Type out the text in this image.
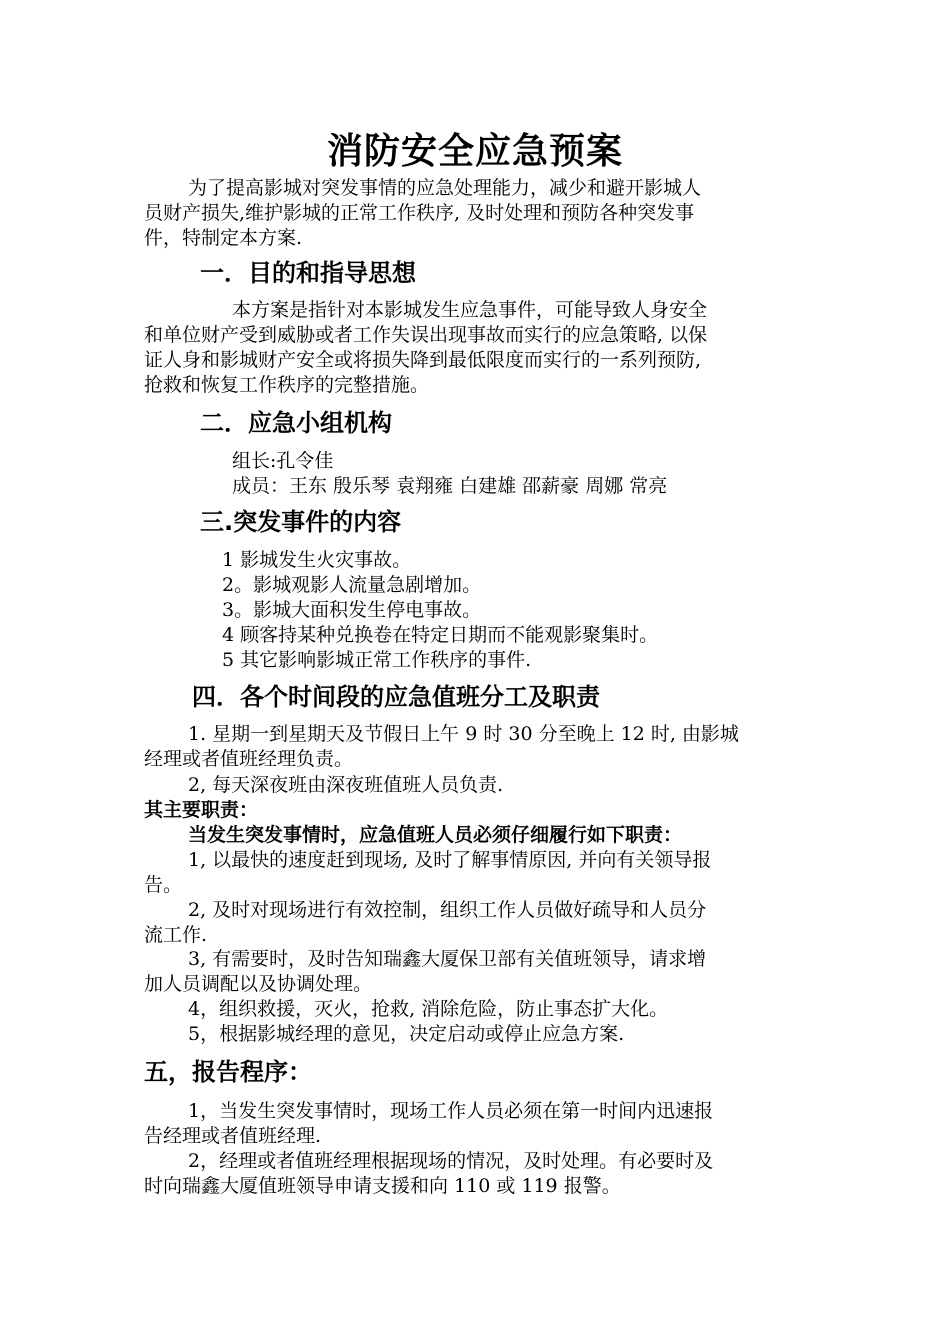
消防安全应急预案
为了提高影城对突发事情的应急处理能力，减少和避开影城人
员财产损失,维护影城的正常工作秩序, 及时处理和预防各种突发事
件，特制定本方案.
一．目的和指导思想
本方案是指针对本影城发生应急事件，可能导致人身安全
和单位财产受到威胁或者工作失误出现事故而实行的应急策略, 以保
证人身和影城财产安全或将损失降到最低限度而实行的一系列预防,
抢救和恢复工作秩序的完整措施。
二．应急小组机构
组长:孔令佳
成员：王东 殷乐琴 袁翔雍 白建雄 邵薪豪 周娜 常亮
三.突发事件的内容
1 影城发生火灾事故。
2。影城观影人流量急剧增加。
3。影城大面积发生停电事故。
4 顾客持某种兑换卷在特定日期而不能观影聚集时。
5 其它影响影城正常工作秩序的事件.
四．各个时间段的应急值班分工及职责
1. 星期一到星期天及节假日上午 9 时 30 分至晚上 12 时, 由影城
经理或者值班经理负责。
2, 每天深夜班由深夜班值班人员负责.
其主要职责：
当发生突发事情时，应急值班人员必须仔细履行如下职责：
1, 以最快的速度赶到现场, 及时了解事情原因, 并向有关领导报
告。
2, 及时对现场进行有效控制，组织工作人员做好疏导和人员分
流工作.
3, 有需要时，及时告知瑞鑫大厦保卫部有关值班领导，请求增
加人员调配以及协调处理。
4，组织救援，灭火，抢救, 消除危险，防止事态扩大化。
5，根据影城经理的意见，决定启动或停止应急方案.
五，报告程序：
1，当发生突发事情时，现场工作人员必须在第一时间内迅速报
告经理或者值班经理.
2，经理或者值班经理根据现场的情况，及时处理。有必要时及
时向瑞鑫大厦值班领导申请支援和向 110 或 119 报警。
